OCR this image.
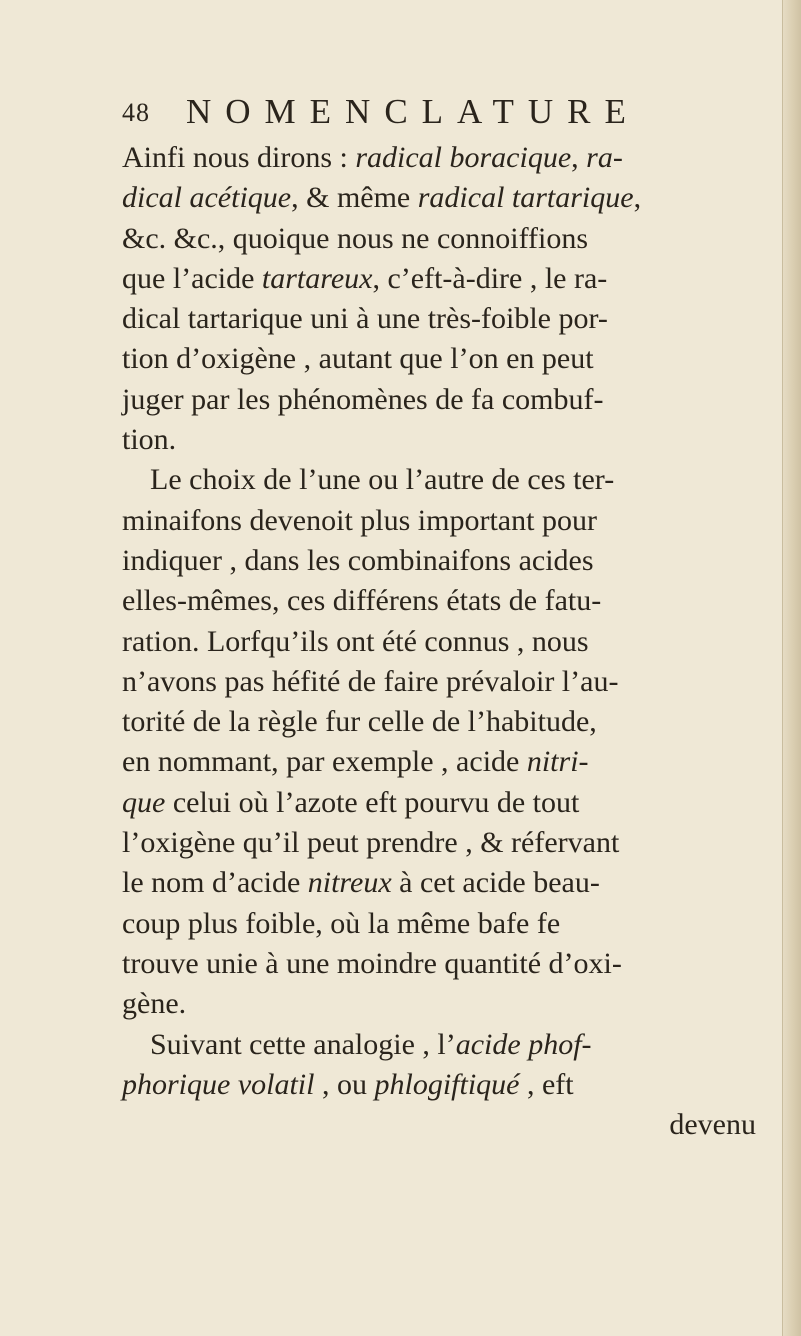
48 NOMENCLATURE
Ainfi nous dirons : radical boracique, ra-
dical acétique, & même radical tartarique,
&c. &c., quoique nous ne connoiffions
que l’acide tartareux, c’eft-à-dire , le ra-
dical tartarique uni à une très-foible por-
tion d’oxigène , autant que l’on en peut
juger par les phénomènes de fa combuf-
tion.
Le choix de l’une ou l’autre de ces ter-
minaifons devenoit plus important pour
indiquer , dans les combinaifons acides
elles-mêmes, ces différens états de fatu-
ration. Lorfqu’ils ont été connus , nous
n’avons pas héfité de faire prévaloir l’au-
torité de la règle fur celle de l’habitude,
en nommant, par exemple , acide nitri-
que celui où l’azote eft pourvu de tout
l’oxigène qu’il peut prendre , & réfervant
le nom d’acide nitreux à cet acide beau-
coup plus foible, où la même bafe fe
trouve unie à une moindre quantité d’oxi-
gène.
Suivant cette analogie , l’acide phof-
phorique volatil , ou phlogiftiqué , eft
devenu
